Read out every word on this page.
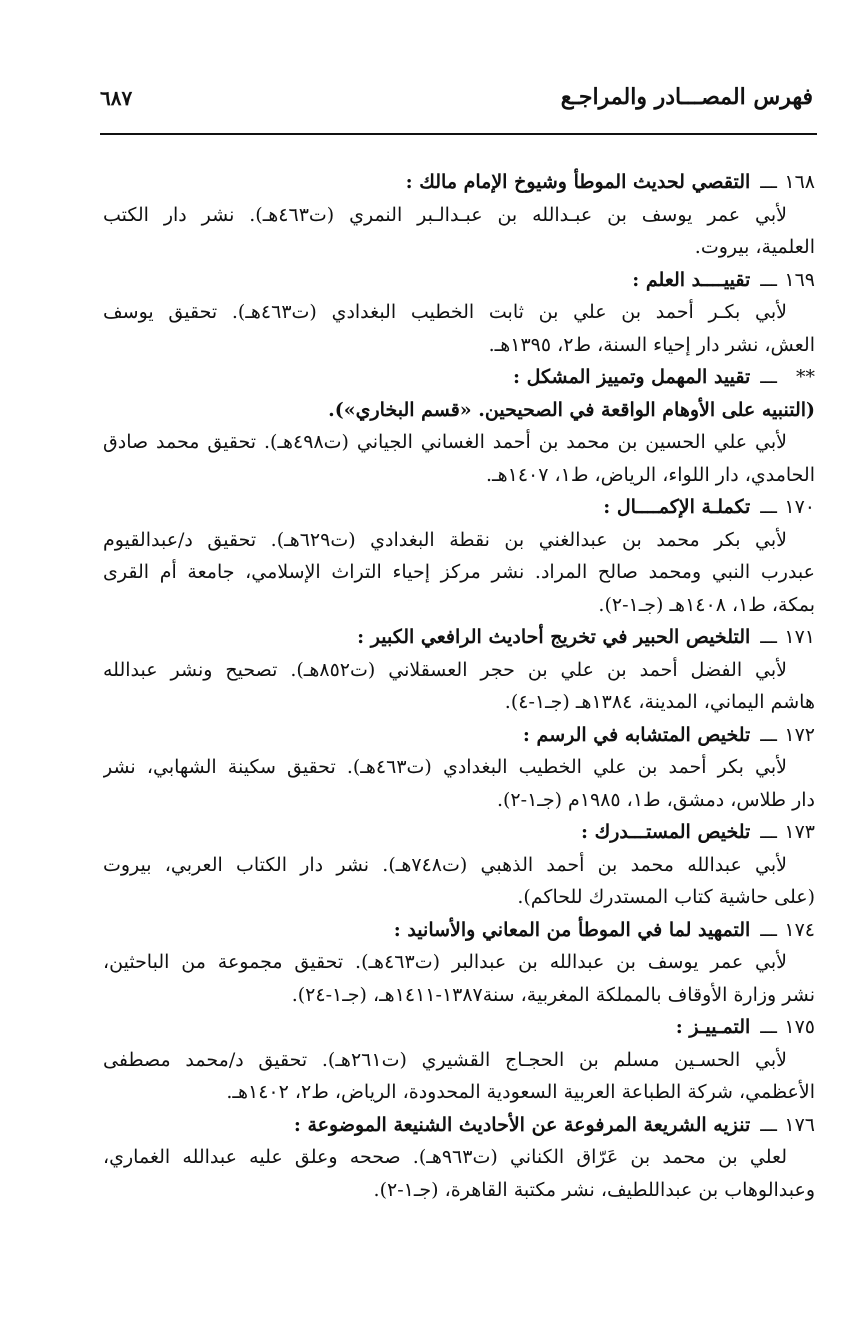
فهرس المصـــادر والمراجـع
٦٨٧
١٦٨ـــالتقصي لحديث الموطأ وشيوخ الإمام مالك :
لأبي عمر يوسف بن عبـدالله بن عبـدالـبر النمري (ت٤٦٣هـ). نشر دار الكتب
العلمية، بيروت.
١٦٩ـــتقييــــد العلم :
لأبي بكـر أحمد بن علي بن ثابت الخطيب البغدادي (ت٤٦٣هـ). تحقيق يوسف
العش، نشر دار إحياء السنة، ط٢، ١٣٩٥هـ.
**ـــتقييد المهمل وتمييز المشكل :
(التنبيه على الأوهام الواقعة في الصحيحين. «قسم البخاري»).
لأبي علي الحسين بن محمد بن أحمد الغساني الجياني (ت٤٩٨هـ). تحقيق محمد صادق
الحامدي، دار اللواء، الرياض، ط١، ١٤٠٧هـ.
١٧٠ـــتكملـة الإكمــــال :
لأبي بكر محمد بن عبدالغني بن نقطة البغدادي (ت٦٢٩هـ). تحقيق د/عبدالقيوم
عبدرب النبي ومحمد صالح المراد. نشر مركز إحياء التراث الإسلامي، جامعة أم القرى
بمكة، ط١، ١٤٠٨هـ (جـ١-٢).
١٧١ـــالتلخيص الحبير في تخريج أحاديث الرافعي الكبير :
لأبي الفضل أحمد بن علي بن حجر العسقلاني (ت٨٥٢هـ). تصحيح ونشر عبدالله
هاشم اليماني، المدينة، ١٣٨٤هـ (جـ١-٤).
١٧٢ـــتلخيص المتشابه في الرسم :
لأبي بكر أحمد بن علي الخطيب البغدادي (ت٤٦٣هـ). تحقيق سكينة الشهابي، نشر
دار طلاس، دمشق، ط١، ١٩٨٥م (جـ١-٢).
١٧٣ـــتلخيص المستـــدرك :
لأبي عبدالله محمد بن أحمد الذهبي (ت٧٤٨هـ). نشر دار الكتاب العربي، بيروت
(على حاشية كتاب المستدرك للحاكم).
١٧٤ـــالتمهيد لما في الموطأ من المعاني والأسانيد :
لأبي عمر يوسف بن عبدالله بن عبدالبر (ت٤٦٣هـ). تحقيق مجموعة من الباحثين،
نشر وزارة الأوقاف بالمملكة المغربية، سنة١٣٨٧-١٤١١هـ، (جـ١-٢٤).
١٧٥ـــالتمـييـز :
لأبي الحسـين مسلم بن الحجـاج القشيري (ت٢٦١هـ). تحقيق د/محمد مصطفى
الأعظمي، شركة الطباعة العربية السعودية المحدودة، الرياض، ط٢، ١٤٠٢هـ.
١٧٦ـــتنزيه الشريعة المرفوعة عن الأحاديث الشنيعة الموضوعة :
لعلي بن محمد بن عَرّاق الكناني (ت٩٦٣هـ). صححه وعلق عليه عبدالله الغماري،
وعبدالوهاب بن عبداللطيف، نشر مكتبة القاهرة، (جـ١-٢).
